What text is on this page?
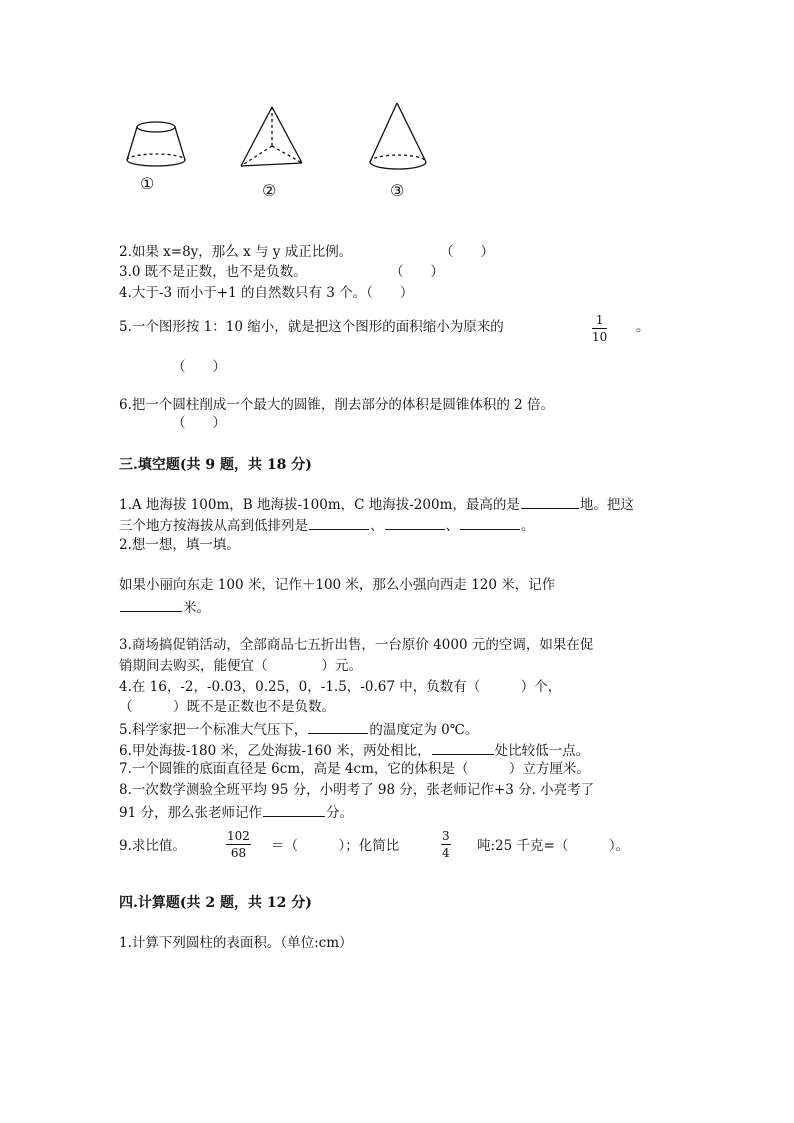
①	②	③
2.如果 x=8y，那么 x 与 y 成正比例。	（　　）
3.0 既不是正数，也不是负数。	（　　）
4.大于-3 而小于+1 的自然数只有 3 个。（　　）
5.一个图形按 1：10 缩小，就是把这个图形的面积缩小为原来的	1
10
。
（　　）
6.把一个圆柱削成一个最大的圆锥，削去部分的体积是圆锥体积的 2 倍。
（　　）
三.填空题(共 9 题，共 18 分)
1.A 地海拔 100m，B 地海拔-100m，C 地海拔-200m，最高的是	地。把这
三个地方按海拔从高到低排列是	、	、	。
2.想一想，填一填。
如果小丽向东走 100 米，记作＋100 米，那么小强向西走 120 米，记作
米。
3.商场搞促销活动，全部商品七五折出售，一台原价 4000 元的空调，如果在促
销期间去购买，能便宜（　　　　）元。
4.在 16，-2，-0.03，0.25，0，-1.5，-0.67 中，负数有（　　　）个，
（　　　）既不是正数也不是负数。
5.科学家把一个标准大气压下，	的温度定为 0℃。
6.甲处海拔-180 米，乙处海拔-160 米，两处相比，	处比较低一点。
7.一个圆锥的底面直径是 6cm，高是 4cm，它的体积是（　　　）立方厘米。
8.一次数学测验全班平均 95 分，小明考了 98 分，张老师记作+3 分. 小亮考了
91 分，那么张老师记作	分。
9.求比值。
102
68	＝（　　　）；化简比
3
4 吨:25 千克=（　　　）。
四.计算题(共 2 题，共 12 分)
1.计算下列圆柱的表面积。（单位:cm）
